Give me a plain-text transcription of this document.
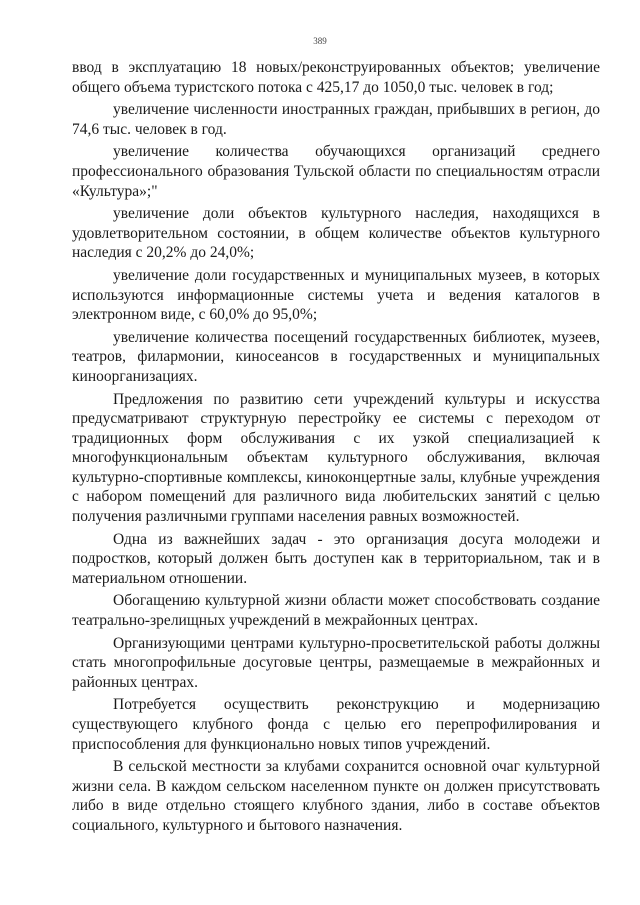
389

ввод в эксплуатацию 18 новых/реконструированных объектов; увеличение общего объема туристского потока с 425,17 до 1050,0 тыс. человек в год;

увеличение численности иностранных граждан, прибывших в регион, до 74,6 тыс. человек в год.

увеличение количества обучающихся организаций среднего профессионального образования Тульской области по специальностям отрасли «Культура»;"

увеличение доли объектов культурного наследия, находящихся в удовлетворительном состоянии, в общем количестве объектов культурного наследия с 20,2% до 24,0%;

увеличение доли государственных и муниципальных музеев, в которых используются информационные системы учета и ведения каталогов в электронном виде, с 60,0% до 95,0%;

увеличение количества посещений государственных библиотек, музеев, театров, филармонии, киносеансов в государственных и муниципальных киноорганизациях.

Предложения по развитию сети учреждений культуры и искусства предусматривают структурную перестройку ее системы с переходом от традиционных форм обслуживания с их узкой специализацией к многофункциональным объектам культурного обслуживания, включая культурно-спортивные комплексы, киноконцертные залы, клубные учреждения с набором помещений для различного вида любительских занятий с целью получения различными группами населения равных возможностей.

Одна из важнейших задач - это организация досуга молодежи и подростков, который должен быть доступен как в территориальном, так и в материальном отношении.

Обогащению культурной жизни области может способствовать создание театрально-зрелищных учреждений в межрайонных центрах.

Организующими центрами культурно-просветительской работы должны стать многопрофильные досуговые центры, размещаемые в межрайонных и районных центрах.

Потребуется осуществить реконструкцию и модернизацию существующего клубного фонда с целью его перепрофилирования и приспособления для функционально новых типов учреждений.

В сельской местности за клубами сохранится основной очаг культурной жизни села. В каждом сельском населенном пункте он должен присутствовать либо в виде отдельно стоящего клубного здания, либо в составе объектов социального, культурного и бытового назначения.
